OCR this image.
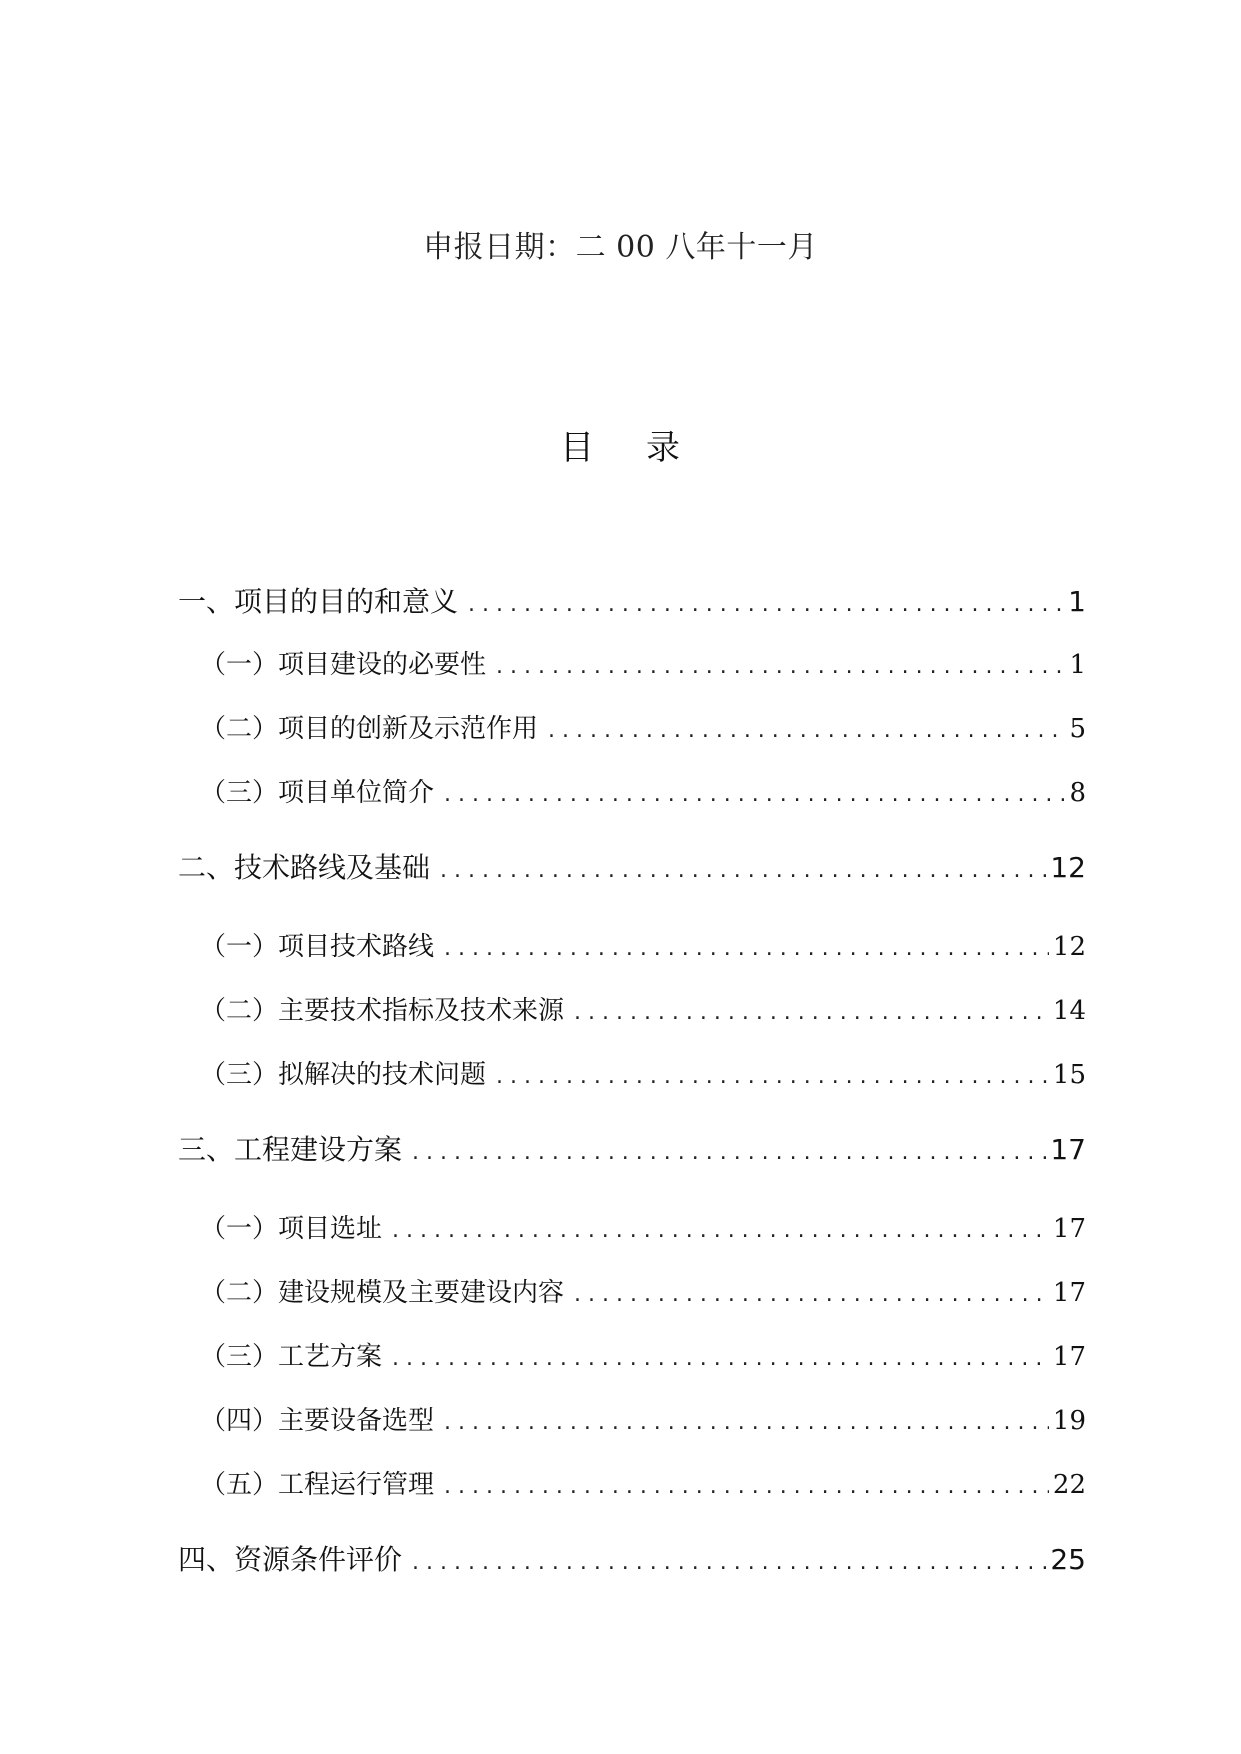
申报日期：二 00 八年十一月
目 录
一、项目的目的和意义 . . .	1
（一）项目建设的必要性 . . .	1
（二）项目的创新及示范作用 . . .	5
（三）项目单位简介 . . .	8
二、技术路线及基础 . . .	12
（一）项目技术路线 . . .	12
（二）主要技术指标及技术来源 . . .	14
（三）拟解决的技术问题 . . .	15
三、工程建设方案 . . .	17
（一）项目选址 . . .	17
（二）建设规模及主要建设内容 . . .	17
（三）工艺方案 . . .	17
（四）主要设备选型 . . .	19
（五）工程运行管理 . . .	22
四、资源条件评价 . . .	25
